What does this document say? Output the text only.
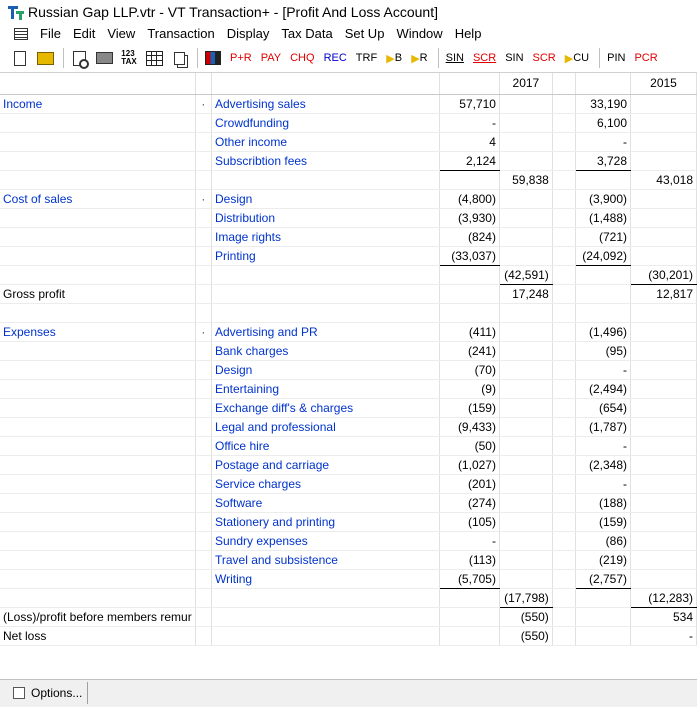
Russian Gap LLP.vtr - VT Transaction+ - [Profit And Loss Account]
File Edit View Transaction Display Tax Data Set Up Window Help
123
TAX	P+R PAY CHQ REC TRF ▶ B ▶ R SIN SCR SIN SCR ▶ CU PIN PCR
				2017			2015
Income	·	Advertising sales	57,710			33,190	
		Crowdfunding	-			6,100	
		Other income	4			-	
		Subscribtion fees	2,124			3,728	
				59,838			43,018
Cost of sales	·	Design	(4,800)			(3,900)	
		Distribution	(3,930)			(1,488)	
		Image rights	(824)			(721)	
		Printing	(33,037)			(24,092)	
				(42,591)			(30,201)
Gross profit				17,248			12,817

Expenses	·	Advertising and PR	(411)			(1,496)	
		Bank charges	(241)			(95)	
		Design	(70)			-	
		Entertaining	(9)			(2,494)	
		Exchange diff's & charges	(159)			(654)	
		Legal and professional	(9,433)			(1,787)	
		Office hire	(50)			-	
		Postage and carriage	(1,027)			(2,348)	
		Service charges	(201)			-	
		Software	(274)			(188)	
		Stationery and printing	(105)			(159)	
		Sundry expenses	-			(86)	
		Travel and subsistence	(113)			(219)	
		Writing	(5,705)			(2,757)	
				(17,798)			(12,283)
(Loss)/profit before members remur				(550)			534
Net loss				(550)			-
Options...
